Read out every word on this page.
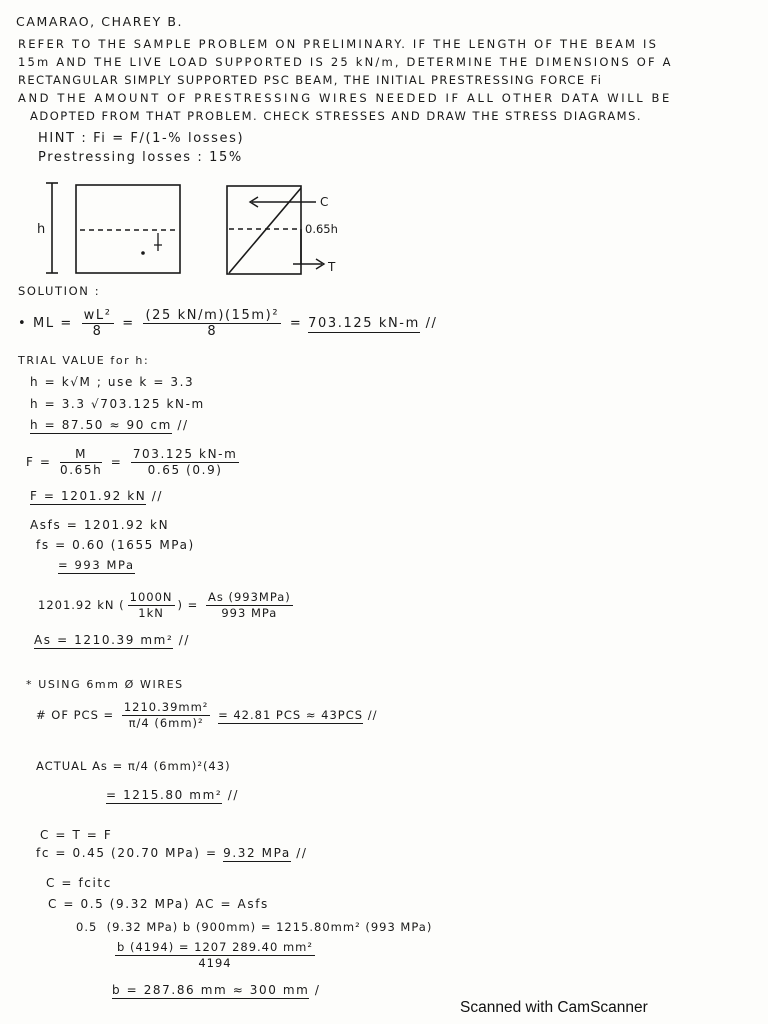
CAMARAO, CHAREY B.
REFER TO THE SAMPLE PROBLEM ON PRELIMINARY. IF THE LENGTH OF THE BEAM IS
15m AND THE LIVE LOAD SUPPORTED IS 25 kN/m, DETERMINE THE DIMENSIONS OF A
RECTANGULAR SIMPLY SUPPORTED PSC BEAM, THE INITIAL PRESTRESSING FORCE Fi
AND THE AMOUNT OF PRESTRESSING WIRES NEEDED IF ALL OTHER DATA WILL BE
ADOPTED FROM THAT PROBLEM. CHECK STRESSES AND DRAW THE STRESS DIAGRAMS.
HINT : Fi = F/(1-% losses)
Prestressing losses : 15%
h
C
T
0.65h
SOLUTION :
• ML = $\frac{\text{wL²}}{8} = \frac{\text{(25 kN/m)(15m)²}}{8} = 703.125$ kN-m //
TRIAL VALUE for h:
h = k√M ; use k = 3.3
h = 3.3 √703.125 kN-m
h = 87.50 ≈ 90 cm //
$F = \frac{M}{0.65h} = \frac{703.125 kN-m}{0.65 (0.9)}$
F = 1201.92 kN //
Asfs = 1201.92 kN
fs = 0.60 (1655 MPa)
= 993 MPa
1201.92 kN ( $\frac{1000N}{1kN}$ ) = $\frac{\text{As (993MPa)}}{\text{993 MPa}}$
As = 1210.39 mm² //
* USING 6mm Ø WIRES
# OF PCS = $\frac{\text{1210.39mm²}}{\text{π/4 (6mm)²}} = 42.81$ PCS ≈ 43PCS //
ACTUAL As = π/4 (6mm)²(43)
= 1215.80 mm² //
C = T = F
fc = 0.45 (20.70 MPa) = 9.32 MPa //
C = fcitc
C = 0.5 (9.32 MPa) AC = Asfs
0.5 (9.32 MPa) b (900mm) = 1215.80mm² (993 MPa)
$\frac{\text{b (4194) = 1207 289.40 mm²}}{4194}$
b = 287.86 mm ≈ 300 mm /
Scanned with CamScanner
